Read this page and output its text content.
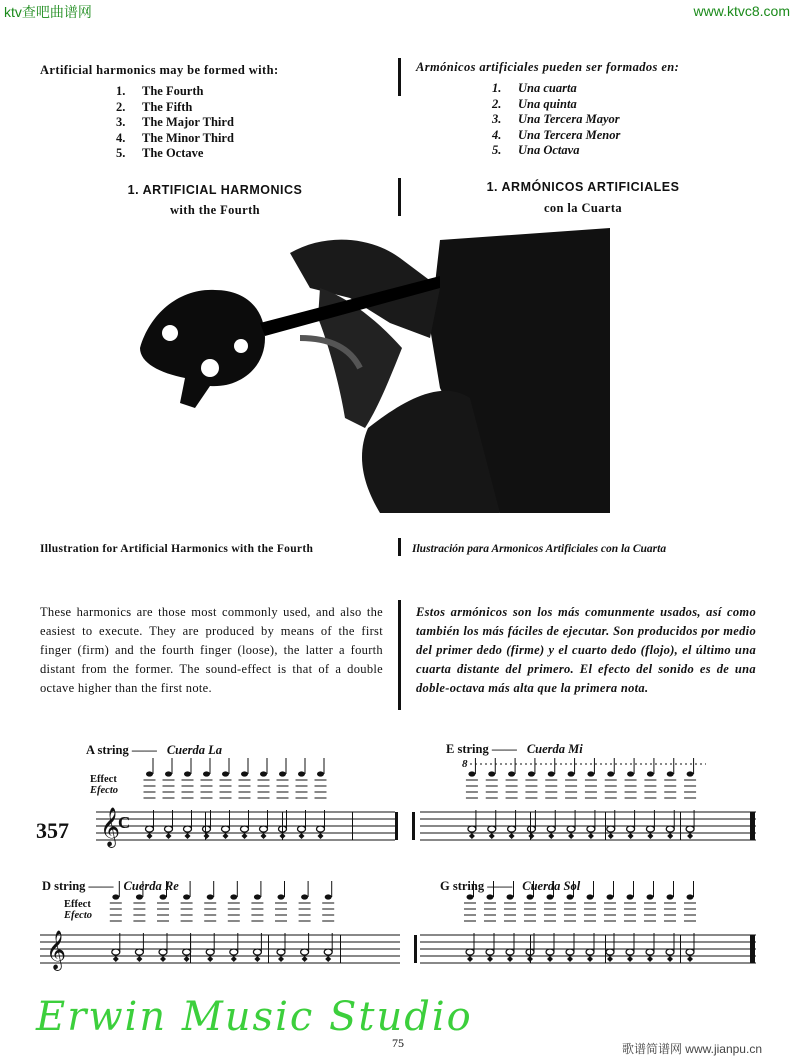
ktv查吧曲谱网	www.ktvc8.com
Artificial harmonics may be formed with:
1. The Fourth
2. The Fifth
3. The Major Third
4. The Minor Third
5. The Octave
Armónicos artificiales pueden ser formados en:
1. Una cuarta
2. Una quinta
3. Una Tercera Mayor
4. Una Tercera Menor
5. Una Octava
1. ARTIFICIAL HARMONICS
with the Fourth
1. ARMÓNICOS ARTIFICIALES
con la Cuarta
Illustration for Artificial Harmonics with the Fourth	Ilustración para Armonicos Artificiales con la Cuarta
These harmonics are those most commonly used, and also the easiest to execute. They are produced by means of the first finger (firm) and the fourth finger (loose), the latter a fourth distant from the former. The sound-effect is that of a double octave higher than the first note.
Estos armónicos son los más comunmente usados, así como también los más fáciles de ejecutar. Son producidos por medio del primer dedo (firme) y el cuarto dedo (flojo), el último una cuarta distante del primero. El efecto del sonido es de una doble-octava más alta que la primera nota.
A string —— Cuerda La	E string —— Cuerda Mi
D string —— Cuerda Re	G string —— Cuerda Sol
Effect
Efecto
Effect
Efecto
357
8
𝄞
𝄞
C
Erwin Music Studio
75	歌谱简谱网 www.jianpu.cn
